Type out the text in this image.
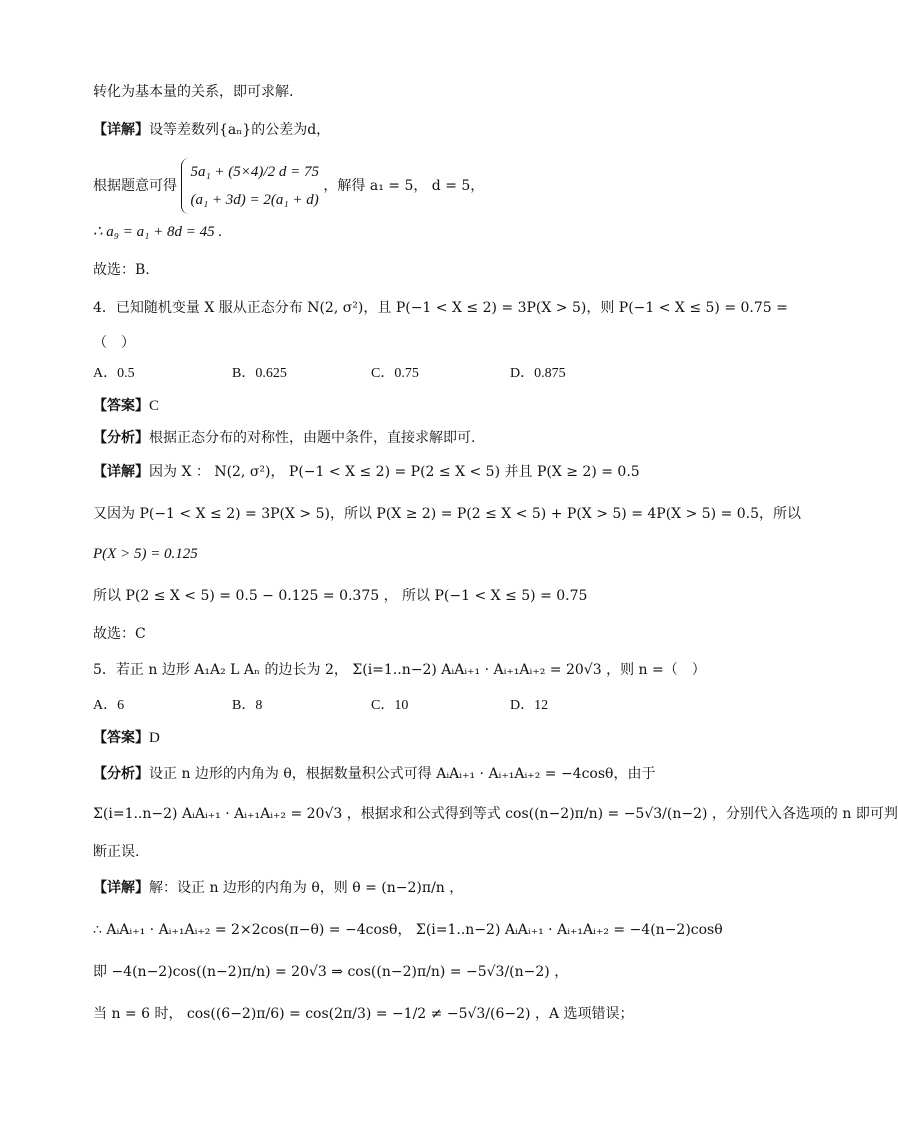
转化为基本量的关系，即可求解.
【详解】设等差数列{aₙ}的公差为d，
根据题意可得 5a₁ + (5×4)/2 d = 75
(a₁ + 3d) = 2(a₁ + d) ，解得 a₁ = 5， d = 5，
∴ a₉ = a₁ + 8d = 45 .
故选：B.
4．已知随机变量 X 服从正态分布 N(2, σ²)，且 P(−1 < X ≤ 2) = 3P(X > 5)，则 P(−1 < X ≤ 5) = 0.75 =
（　）
A．0.5	B．0.625	C．0.75	D．0.875
【答案】C
【分析】根据正态分布的对称性，由题中条件，直接求解即可.
【详解】因为 X ： N(2, σ²)， P(−1 < X ≤ 2) = P(2 ≤ X < 5) 并且 P(X ≥ 2) = 0.5
又因为 P(−1 < X ≤ 2) = 3P(X > 5)，所以 P(X ≥ 2) = P(2 ≤ X < 5) + P(X > 5) = 4P(X > 5) = 0.5，所以
P(X > 5) = 0.125
所以 P(2 ≤ X < 5) = 0.5 − 0.125 = 0.375 ， 所以 P(−1 < X ≤ 5) = 0.75
故选：C
5．若正 n 边形 A₁A₂ L Aₙ 的边长为 2， Σ(i=1..n−2) AᵢAᵢ₊₁ · Aᵢ₊₁Aᵢ₊₂ = 20√3 ，则 n =（　）
A．6	B．8	C．10	D．12
【答案】D
【分析】设正 n 边形的内角为 θ，根据数量积公式可得 AᵢAᵢ₊₁ · Aᵢ₊₁Aᵢ₊₂ = −4cosθ，由于
Σ(i=1..n−2) AᵢAᵢ₊₁ · Aᵢ₊₁Aᵢ₊₂ = 20√3 ，根据求和公式得到等式 cos((n−2)π/n) = −5√3/(n−2) ，分别代入各选项的 n 即可判
断正误.
【详解】解：设正 n 边形的内角为 θ，则 θ = (n−2)π/n ，
∴ AᵢAᵢ₊₁ · Aᵢ₊₁Aᵢ₊₂ = 2×2cos(π−θ) = −4cosθ， Σ(i=1..n−2) AᵢAᵢ₊₁ · Aᵢ₊₁Aᵢ₊₂ = −4(n−2)cosθ
即 −4(n−2)cos((n−2)π/n) = 20√3 ⇒ cos((n−2)π/n) = −5√3/(n−2) ，
当 n = 6 时， cos((6−2)π/6) = cos(2π/3) = −1/2 ≠ −5√3/(6−2) ，A 选项错误；
